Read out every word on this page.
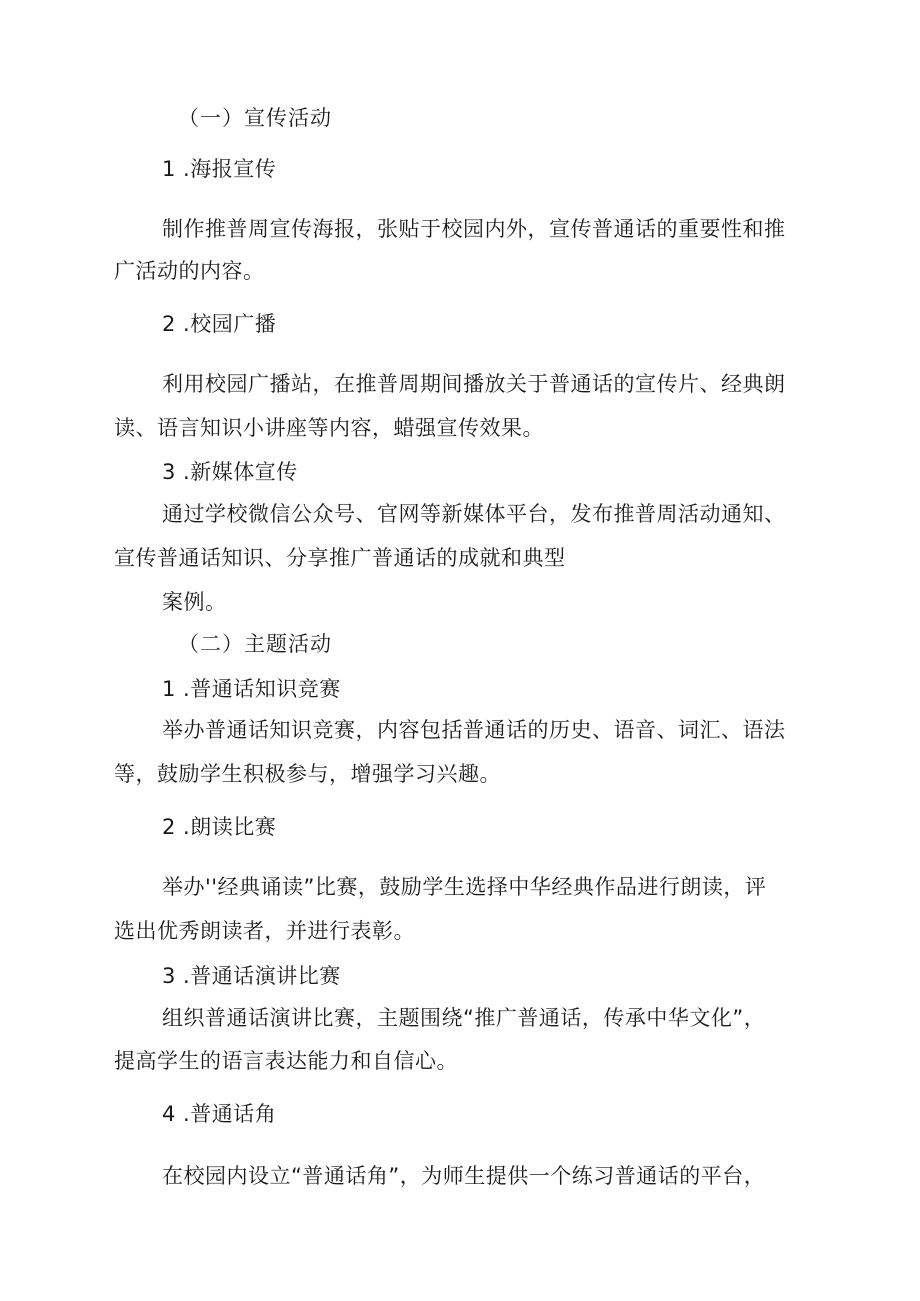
（一）宣传活动
1 .海报宣传
制作推普周宣传海报，张贴于校园内外，宣传普通话的重要性和推
广活动的内容。
2 .校园广播
利用校园广播站，在推普周期间播放关于普通话的宣传片、经典朗
读、语言知识小讲座等内容，蜡强宣传效果。
3 .新媒体宣传
通过学校微信公众号、官网等新媒体平台，发布推普周活动通知、
宣传普通话知识、分享推广普通话的成就和典型
案例。
（二）主题活动
1 .普通话知识竞赛
举办普通话知识竞赛，内容包括普通话的历史、语音、词汇、语法
等，鼓励学生积极参与，增强学习兴趣。
2 .朗读比赛
举办''经典诵读”比赛，鼓励学生选择中华经典作品进行朗读，评
选出优秀朗读者，并进行表彰。
3 .普通话演讲比赛
组织普通话演讲比赛，主题围绕“推广普通话，传承中华文化”，
提高学生的语言表达能力和自信心。
4 .普通话角
在校园内设立“普通话角”，为师生提供一个练习普通话的平台，
